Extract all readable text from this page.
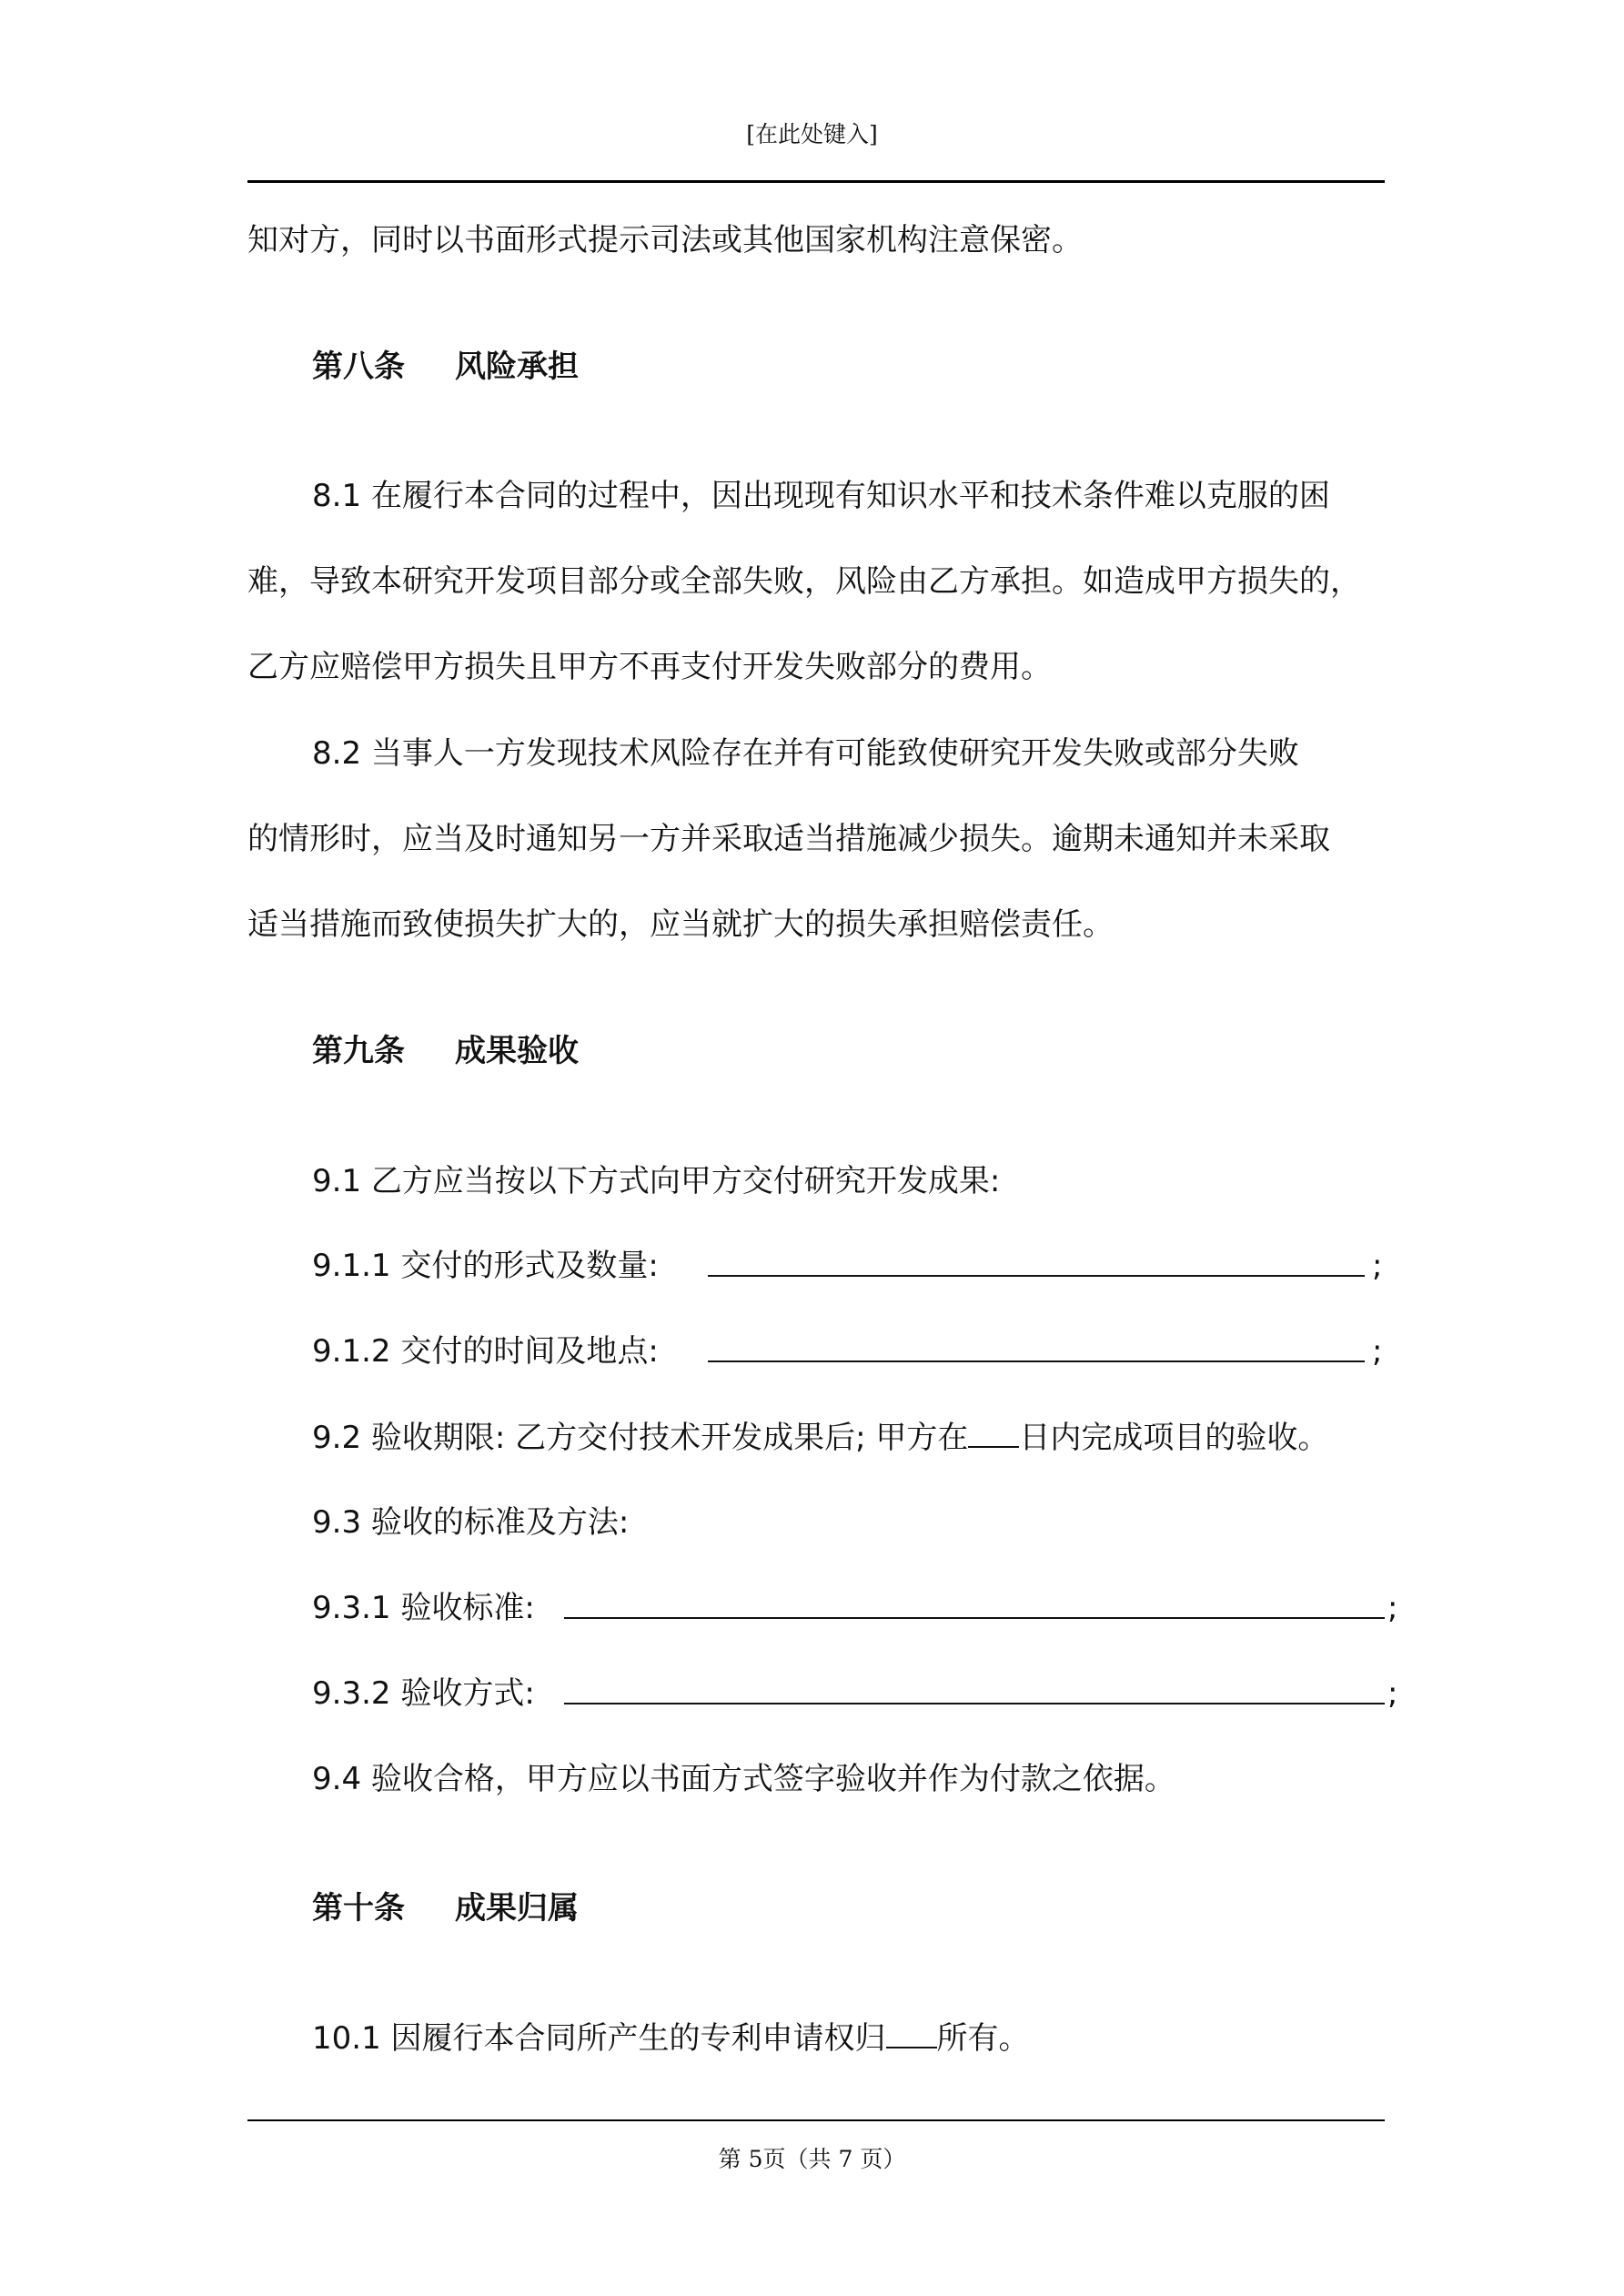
[在此处键入]
知对方，同时以书面形式提示司法或其他国家机构注意保密。
第八条 风险承担
8.1 在履行本合同的过程中，因出现现有知识水平和技术条件难以克服的困
难，导致本研究开发项目部分或全部失败，风险由乙方承担。如造成甲方损失的，
乙方应赔偿甲方损失且甲方不再支付开发失败部分的费用。
8.2 当事人一方发现技术风险存在并有可能致使研究开发失败或部分失败
的情形时，应当及时通知另一方并采取适当措施减少损失。逾期未通知并未采取
适当措施而致使损失扩大的，应当就扩大的损失承担赔偿责任。
第九条 成果验收
9.1 乙方应当按以下方式向甲方交付研究开发成果:
9.1.1 交付的形式及数量:	;
9.1.2 交付的时间及地点:	;
9.2 验收期限: 乙方交付技术开发成果后; 甲方在 日内完成项目的验收。
9.3 验收的标准及方法:
9.3.1 验收标准:	;
9.3.2 验收方式:	;
9.4 验收合格，甲方应以书面方式签字验收并作为付款之依据。
第十条 成果归属
10.1 因履行本合同所产生的专利申请权归 所有。
第 5页（共 7 页）
